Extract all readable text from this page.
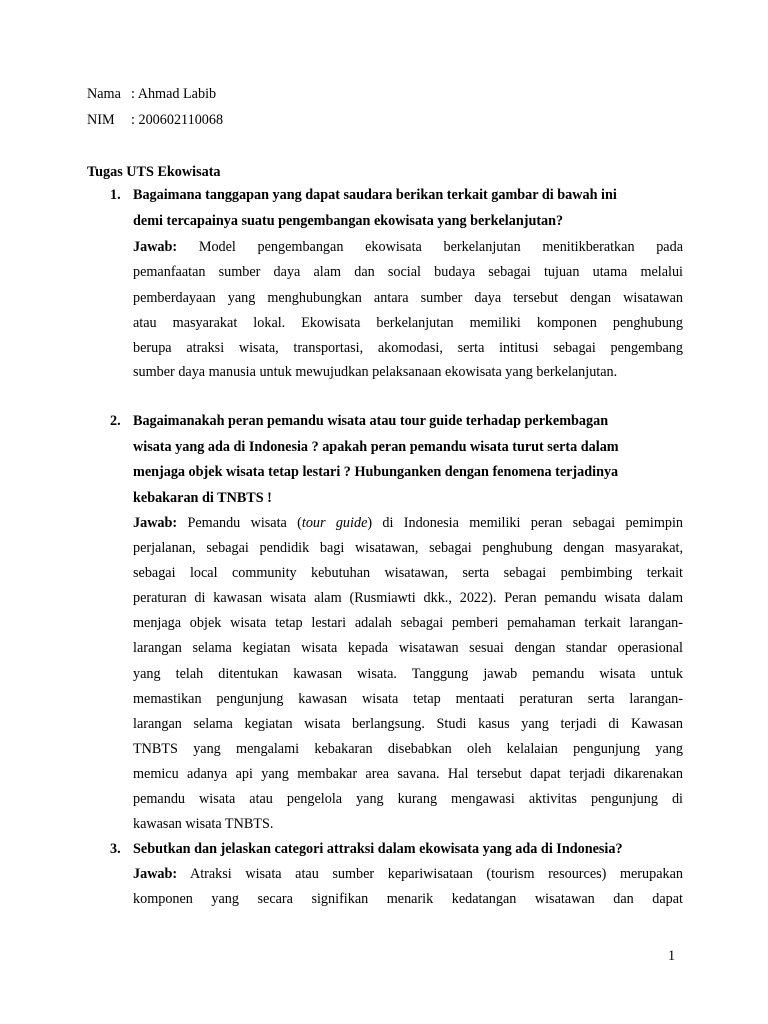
Nama : Ahmad Labib
NIM : 200602110068
Tugas UTS Ekowisata
1. Bagaimana tanggapan yang dapat saudara berikan terkait gambar di bawah ini
demi tercapainya suatu pengembangan ekowisata yang berkelanjutan?
Jawab: Model pengembangan ekowisata berkelanjutan menitikberatkan pada
pemanfaatan sumber daya alam dan social budaya sebagai tujuan utama melalui
pemberdayaan yang menghubungkan antara sumber daya tersebut dengan wisatawan
atau masyarakat lokal. Ekowisata berkelanjutan memiliki komponen penghubung
berupa atraksi wisata, transportasi, akomodasi, serta intitusi sebagai pengembang
sumber daya manusia untuk mewujudkan pelaksanaan ekowisata yang berkelanjutan.
2. Bagaimanakah peran pemandu wisata atau tour guide terhadap perkembagan
wisata yang ada di Indonesia ? apakah peran pemandu wisata turut serta dalam
menjaga objek wisata tetap lestari ? Hubunganken dengan fenomena terjadinya
kebakaran di TNBTS !
Jawab: Pemandu wisata (tour guide) di Indonesia memiliki peran sebagai pemimpin
perjalanan, sebagai pendidik bagi wisatawan, sebagai penghubung dengan masyarakat,
sebagai local community kebutuhan wisatawan, serta sebagai pembimbing terkait
peraturan di kawasan wisata alam (Rusmiawti dkk., 2022). Peran pemandu wisata dalam
menjaga objek wisata tetap lestari adalah sebagai pemberi pemahaman terkait larangan-
larangan selama kegiatan wisata kepada wisatawan sesuai dengan standar operasional
yang telah ditentukan kawasan wisata. Tanggung jawab pemandu wisata untuk
memastikan pengunjung kawasan wisata tetap mentaati peraturan serta larangan-
larangan selama kegiatan wisata berlangsung. Studi kasus yang terjadi di Kawasan
TNBTS yang mengalami kebakaran disebabkan oleh kelalaian pengunjung yang
memicu adanya api yang membakar area savana. Hal tersebut dapat terjadi dikarenakan
pemandu wisata atau pengelola yang kurang mengawasi aktivitas pengunjung di
kawasan wisata TNBTS.
3. Sebutkan dan jelaskan categori attraksi dalam ekowisata yang ada di Indonesia?
Jawab: Atraksi wisata atau sumber kepariwisataan (tourism resources) merupakan
komponen yang secara signifikan menarik kedatangan wisatawan dan dapat
1
